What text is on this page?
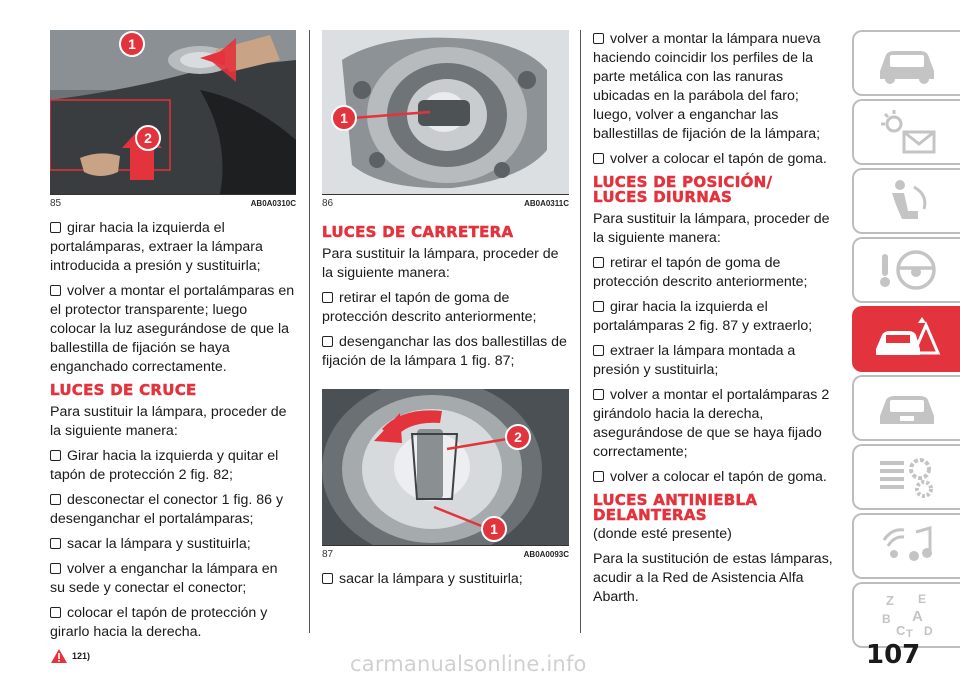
1
2
85	AB0A0310C

girar hacia la izquierda el portalámparas, extraer la lámpara introducida a presión y sustituirla;

volver a montar el portalámparas en el protector transparente; luego colocar la luz asegurándose de que la ballestilla de fijación se haya enganchado correctamente.

LUCES DE CRUCE

Para sustituir la lámpara, proceder de la siguiente manera:

Girar hacia la izquierda y quitar el tapón de protección 2 fig. 82;

desconectar el conector 1 fig. 86 y desenganchar el portalámparas;

sacar la lámpara y sustituirla;

volver a enganchar la lámpara en su sede y conectar el conector;

colocar el tapón de protección y girarlo hacia la derecha.

121)
1
86	AB0A0311C
LUCES DE CARRETERA

Para sustituir la lámpara, proceder de la siguiente manera:

retirar el tapón de goma de protección descrito anteriormente;

desenganchar las dos ballestillas de fijación de la lámpara 1 fig. 87;

2
1
87	AB0A0093C

sacar la lámpara y sustituirla;

volver a montar la lámpara nueva haciendo coincidir los perfiles de la parte metálica con las ranuras ubicadas en la parábola del faro; luego, volver a enganchar las ballestillas de fijación de la lámpara;

volver a colocar el tapón de goma.

LUCES DE POSICIÓN/
LUCES DIURNAS

Para sustituir la lámpara, proceder de la siguiente manera:

retirar el tapón de goma de protección descrito anteriormente;

girar hacia la izquierda el portalámparas 2 fig. 87 y extraerlo;

extraer la lámpara montada a presión y sustituirla;

volver a montar el portalámparas 2 girándolo hacia la derecha, asegurándose de que se haya fijado correctamente;

volver a colocar el tapón de goma.

LUCES ANTINIEBLA
DELANTERAS

(donde esté presente)

Para la sustitución de estas lámparas, acudir a la Red de Asistencia Alfa Abarth.	Z E
B A
C T D
107
carmanualsonline.info
